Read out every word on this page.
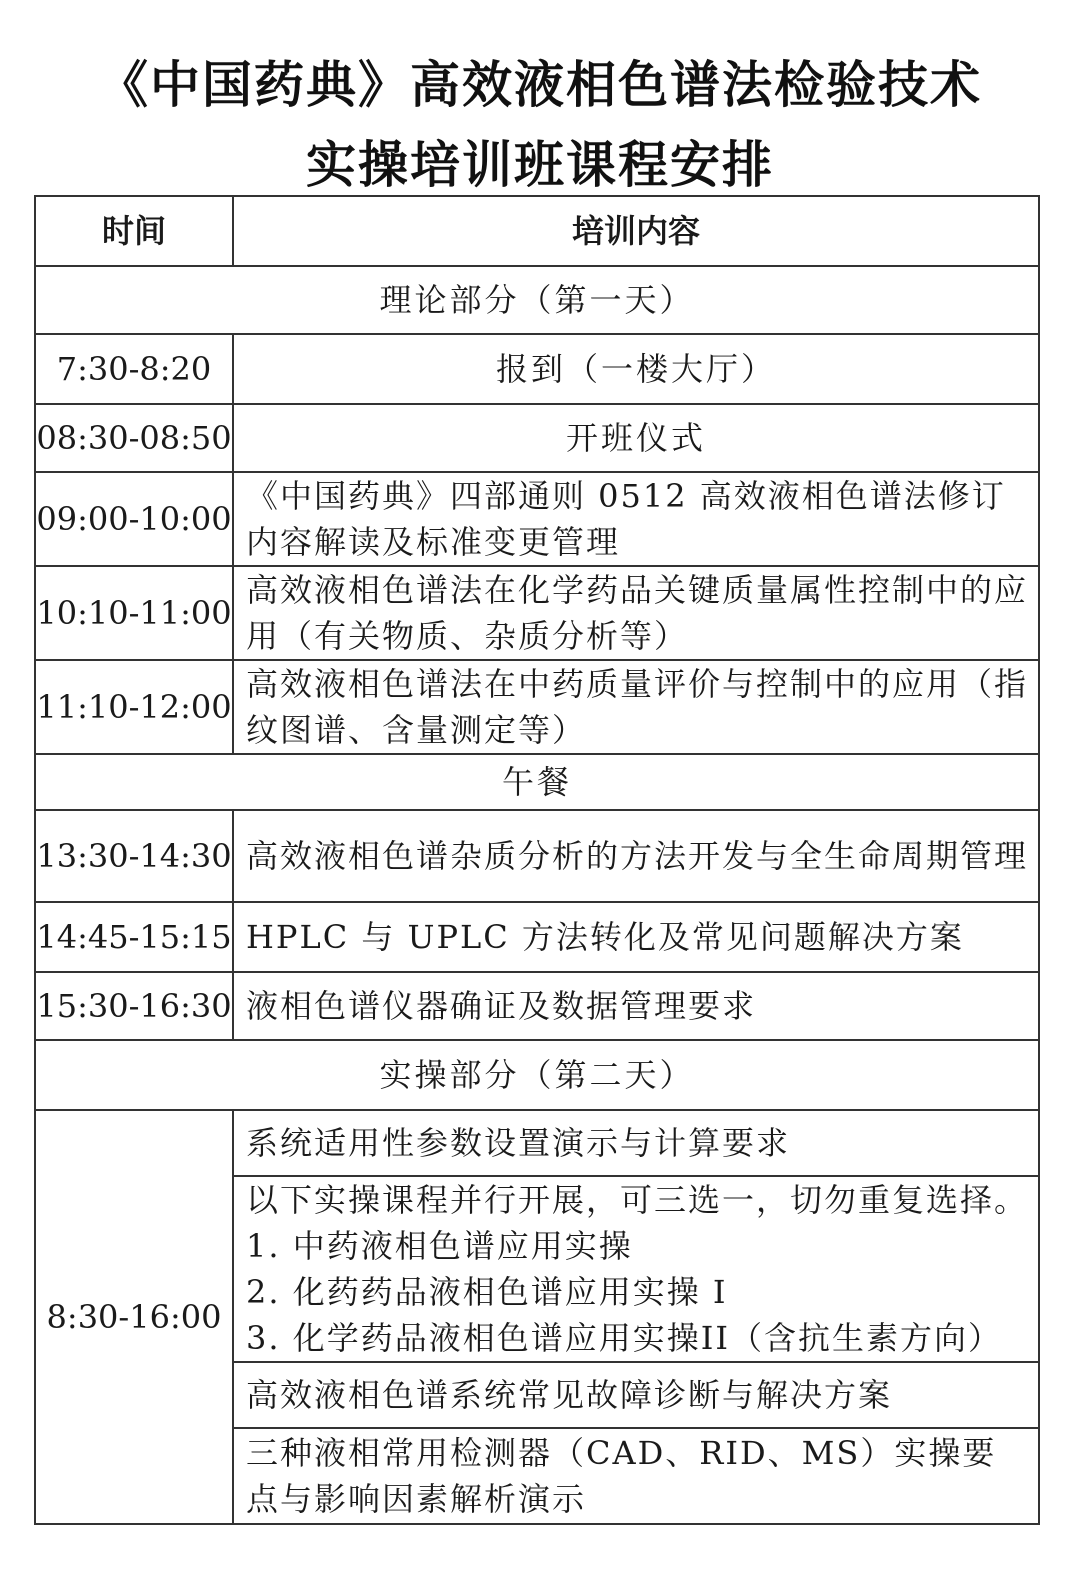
《中国药典》高效液相色谱法检验技术
实操培训班课程安排
时间	培训内容
理论部分（第一天）	
7:30-8:20	报到（一楼大厅）
08:30-08:50	开班仪式
09:00-10:00	《中国药典》四部通则 0512 高效液相色谱法修订内容解读及标准变更管理
10:10-11:00	高效液相色谱法在化学药品关键质量属性控制中的应用（有关物质、杂质分析等）
11:10-12:00	高效液相色谱法在中药质量评价与控制中的应用（指纹图谱、含量测定等）
午餐	
13:30-14:30	高效液相色谱杂质分析的方法开发与全生命周期管理
14:45-15:15	HPLC 与 UPLC 方法转化及常见问题解决方案
15:30-16:30	液相色谱仪器确证及数据管理要求
实操部分（第二天）	
8:30-16:00	系统适用性参数设置演示与计算要求

	以下实操课程并行开展，可三选一，切勿重复选择。
1. 中药液相色谱应用实操
2. 化药药品液相色谱应用实操 I
3. 化学药品液相色谱应用实操II（含抗生素方向）

	高效液相色谱系统常见故障诊断与解决方案
	三种液相常用检测器（CAD、RID、MS）实操要点与影响因素解析演示
